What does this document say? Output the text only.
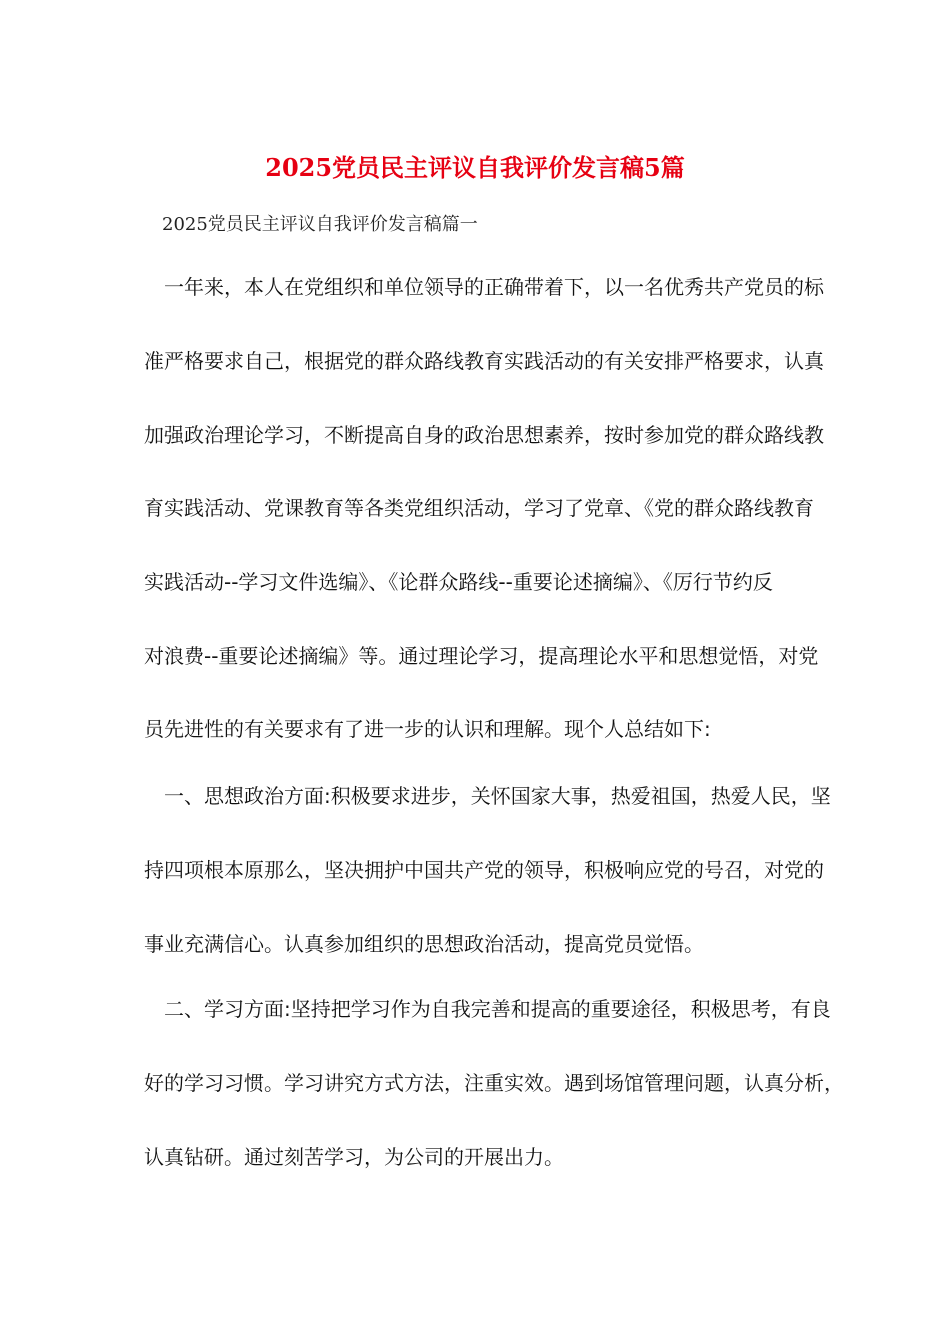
2025党员民主评议自我评价发言稿5篇
2025党员民主评议自我评价发言稿篇一
　一年来，本人在党组织和单位领导的正确带着下，以一名优秀共产党员的标
准严格要求自己，根据党的群众路线教育实践活动的有关安排严格要求，认真
加强政治理论学习，不断提高自身的政治思想素养，按时参加党的群众路线教
育实践活动、党课教育等各类党组织活动，学习了党章、《党的群众路线教育
实践活动--学习文件选编》、《论群众路线--重要论述摘编》、《厉行节约反
对浪费--重要论述摘编》等。通过理论学习，提高理论水平和思想觉悟，对党
员先进性的有关要求有了进一步的认识和理解。现个人总结如下:
　一、思想政治方面:积极要求进步，关怀国家大事，热爱祖国，热爱人民，坚
持四项根本原那么，坚决拥护中国共产党的领导，积极响应党的号召，对党的
事业充满信心。认真参加组织的思想政治活动，提高党员觉悟。
　二、学习方面:坚持把学习作为自我完善和提高的重要途径，积极思考，有良
好的学习习惯。学习讲究方式方法，注重实效。遇到场馆管理问题，认真分析，
认真钻研。通过刻苦学习，为公司的开展出力。
